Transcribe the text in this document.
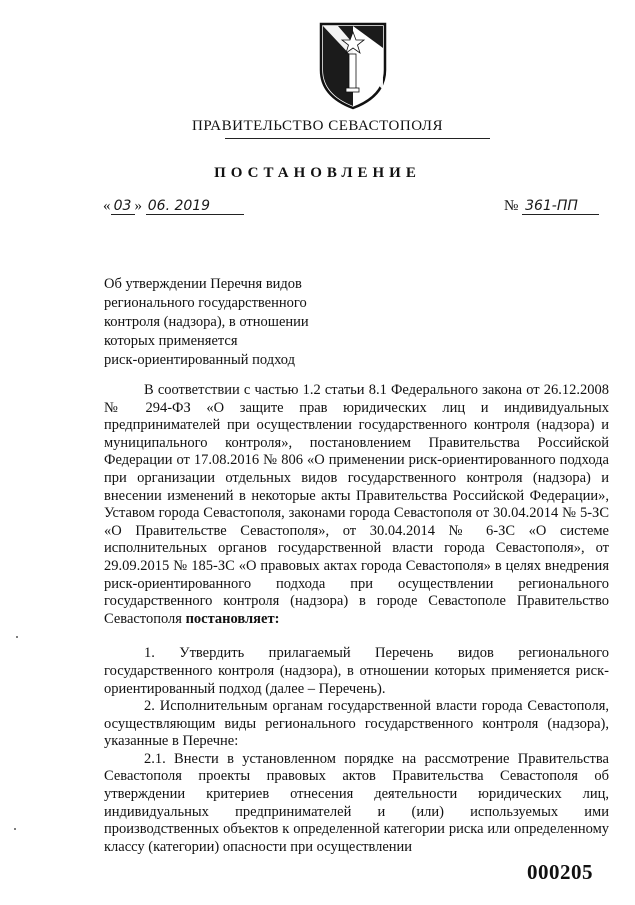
ПРАВИТЕЛЬСТВО СЕВАСТОПОЛЯ
ПОСТАНОВЛЕНИЕ
« 03 » 06. 2019	№ 361-ПП
Об утверждении Перечня видов
регионального государственного
контроля (надзора), в отношении
которых применяется
риск-ориентированный подход

В соответствии с частью 1.2 статьи 8.1 Федерального закона от 26.12.2008 № 294-ФЗ «О защите прав юридических лиц и индивидуальных предпринимателей при осуществлении государственного контроля (надзора) и муниципального контроля», постановлением Правительства Российской Федерации от 17.08.2016 № 806 «О применении риск-ориентированного подхода при организации отдельных видов государственного контроля (надзора) и внесении изменений в некоторые акты Правительства Российской Федерации», Уставом города Севастополя, законами города Севастополя от 30.04.2014 № 5-ЗС «О Правительстве Севастополя», от 30.04.2014 № 6-ЗС «О системе исполнительных органов государственной власти города Севастополя», от 29.09.2015 № 185-ЗС «О правовых актах города Севастополя» в целях внедрения риск-ориентированного подхода при осуществлении регионального государственного контроля (надзора) в городе Севастополе Правительство Севастополя постановляет:

1. Утвердить прилагаемый Перечень видов регионального государственного контроля (надзора), в отношении которых применяется риск-ориентированный подход (далее – Перечень).

2. Исполнительным органам государственной власти города Севастополя, осуществляющим виды регионального государственного контроля (надзора), указанные в Перечне:

2.1. Внести в установленном порядке на рассмотрение Правительства Севастополя проекты правовых актов Правительства Севастополя об утверждении критериев отнесения деятельности юридических лиц, индивидуальных предпринимателей и (или) используемых ими производственных объектов к определенной категории риска или определенному классу (категории) опасности при осуществлении

000205
